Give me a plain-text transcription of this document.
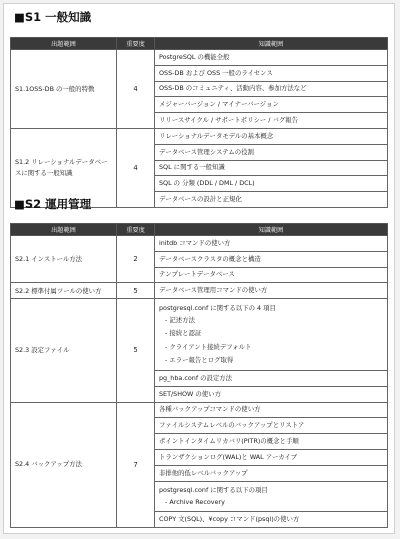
■S1 一般知識
出題範囲	重要度	知識範囲
S1.1OSS-DB の一般的特徴	4	PostgreSQL の機能全般
		OSS-DB および OSS 一般のライセンス
		OSS-DB のコミュニティ、活動内容、参加方法など
		メジャーバージョン / マイナーバージョン
		リリースサイクル / サポートポリシー / バグ報告
S1.2 リレーショナルデータベースに関する一般知識	4	リレーショナルデータモデルの基本概念
		データベース管理システムの役割
		SQL に関する一般知識
		SQL の 分類 (DDL / DML / DCL)
		データベースの設計と正規化
■S2 運用管理
出題範囲	重要度	知識範囲
S2.1 インストール方法	2	initdb コマンドの使い方
		データベースクラスタの概念と構造
		テンプレートデータベース
S2.2 標準付属ツールの使い方	5	データベース管理用コマンドの使い方
S2.3 設定ファイル	5	postgresql.conf に関する以下の 4 項目
- 記述方法
- 接続と認証
- クライアント接続デフォルト
- エラー報告とログ取得

		pg_hba.conf の設定方法
		SET/SHOW の使い方
S2.4 バックアップ方法	7	各種バックアップコマンドの使い方
		ファイルシステムレベルのバックアップとリストア
		ポイントインタイムリカバリ(PITR)の概念と手順
		トランザクションログ(WAL)と WAL アーカイブ
		非排他的低レベルバックアップ

		postgresql.conf に関する以下の項目
- Archive Recovery

		COPY 文(SQL)、¥copy コマンド(psql)の使い方
